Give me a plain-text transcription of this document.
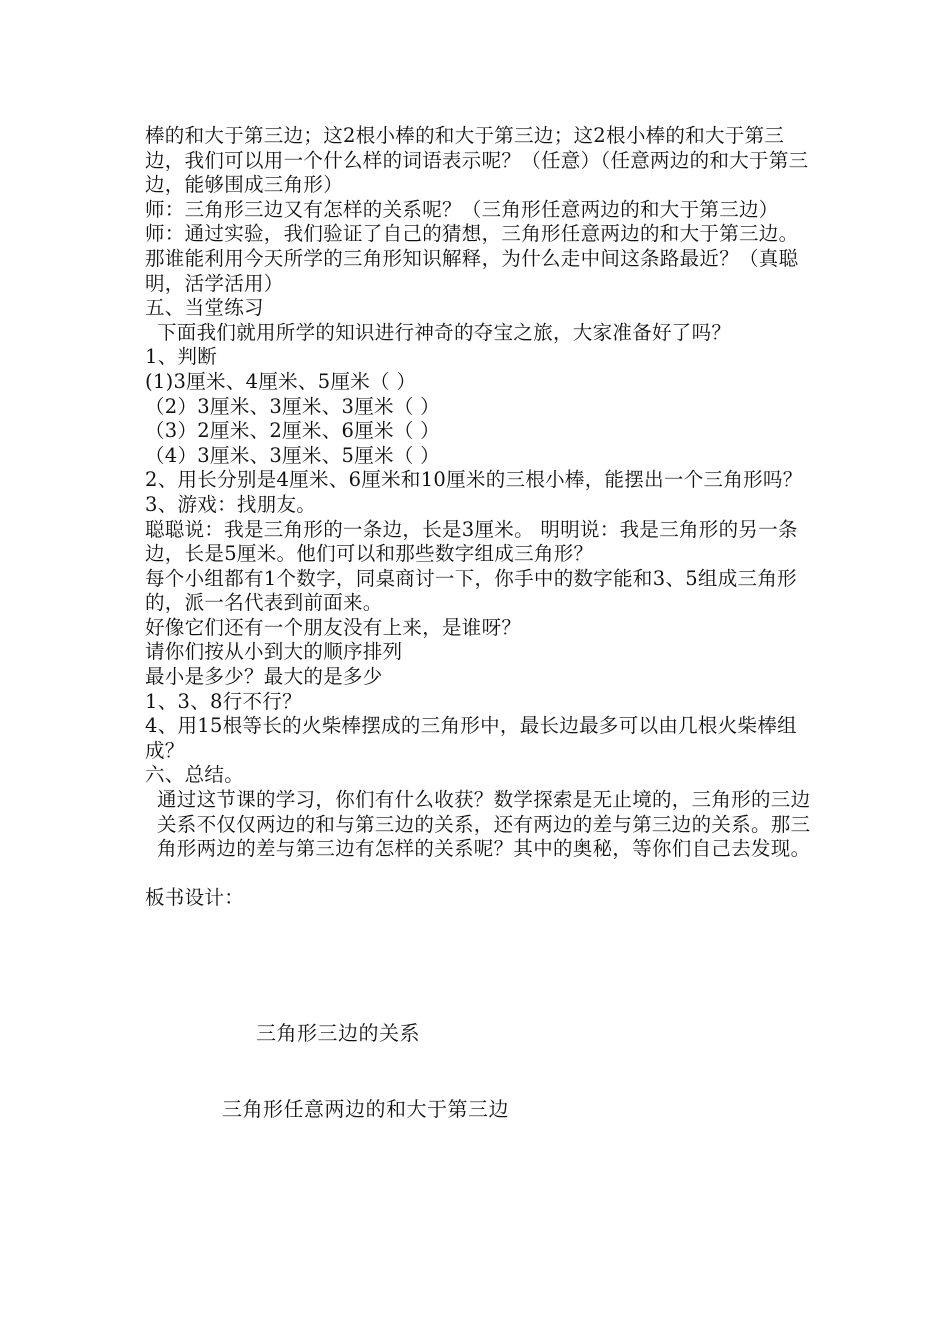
棒的和大于第三边；这2根小棒的和大于第三边；这2根小棒的和大于第三边，我们可以用一个什么样的词语表示呢？（任意）（任意两边的和大于第三边，能够围成三角形）

师：三角形三边又有怎样的关系呢？（三角形任意两边的和大于第三边）

师：通过实验，我们验证了自己的猜想，三角形任意两边的和大于第三边。

那谁能利用今天所学的三角形知识解释，为什么走中间这条路最近？（真聪明，活学活用）

五、当堂练习

下面我们就用所学的知识进行神奇的夺宝之旅，大家准备好了吗？

1、判断

(1)3厘米、4厘米、5厘米（ ）

（2）3厘米、3厘米、3厘米（ ）

（3）2厘米、2厘米、6厘米（ ）

（4）3厘米、3厘米、5厘米（ ）

2、用长分别是4厘米、6厘米和10厘米的三根小棒，能摆出一个三角形吗？

3、游戏：找朋友。

聪聪说：我是三角形的一条边，长是3厘米。 明明说：我是三角形的另一条边，长是5厘米。他们可以和那些数字组成三角形？

每个小组都有1个数字，同桌商讨一下，你手中的数字能和3、5组成三角形的，派一名代表到前面来。

好像它们还有一个朋友没有上来，是谁呀？

请你们按从小到大的顺序排列

最小是多少？最大的是多少

1、3、8行不行？

4、用15根等长的火柴棒摆成的三角形中，最长边最多可以由几根火柴棒组成？

六、总结。

通过这节课的学习，你们有什么收获？数学探索是无止境的，三角形的三边关系不仅仅两边的和与第三边的关系，还有两边的差与第三边的关系。那三角形两边的差与第三边有怎样的关系呢？其中的奥秘，等你们自己去发现。

板书设计：

三角形三边的关系
三角形任意两边的和大于第三边
